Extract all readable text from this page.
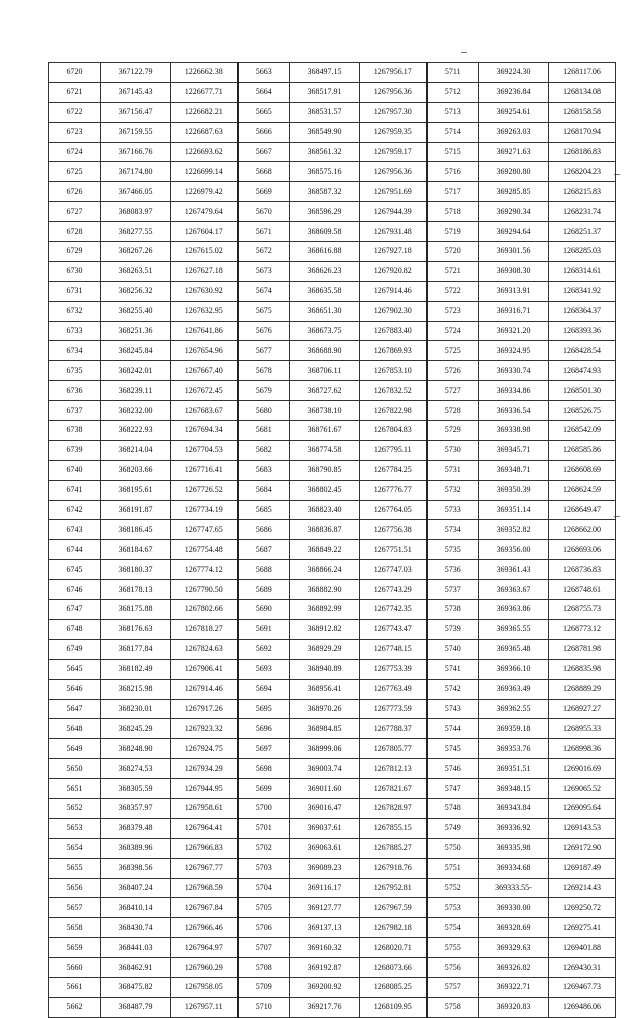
6720	367122.79	1226662.38	5663	368497.15	1267956.17	5711	369224.30	1268117.06
6721	367145.43	1226677.71	5664	368517.91	1267956.36	5712	369236.84	1268134.08
6722	367156.47	1226682.21	5665	368531.57	1267957.30	5713	369254.61	1268158.58
6723	367159.55	1226687.63	5666	368549.90	1267959.35	5714	369263.03	1268170.94
6724	367166.76	1226693.62	5667	368561.32	1267959.17	5715	369271.63	1268186.83
6725	367174.80	1226699.14	5668	368575.16	1267956.36	5716	369280.80	1268204.23
6726	367466.05	1226979.42	5669	368587.32	1267951.69	5717	369285.85	1268215.83
6727	368083.97	1267479.64	5670	368596.29	1267944.39	5718	369290.34	1268231.74
6728	368277.55	1267604.17	5671	368609.58	1267931.48	5719	369294.64	1268251.37
6729	368267.26	1267615.02	5672	368616.88	1267927.18	5720	369301.56	1268285.03
6730	368263.51	1267627.18	5673	368626.23	1267920.82	5721	369308.30	1268314.61
6731	368256.32	1267630.92	5674	368635.58	1267914.46	5722	369313.91	1268341.92
6732	368255.40	1267632.95	5675	368651.30	1267902.30	5723	369316.71	1268364.37
6733	368251.36	1267641.86	5676	368673.75	1267883.40	5724	369321.20	1268393.36
6734	368245.84	1267654.96	5677	368688.90	1267869.93	5725	369324.95	1268428.54
6735	368242.01	1267667.40	5678	368706.11	1267853.10	5726	369330.74	1268474.93
6736	368239.11	1267672.45	5679	368727.62	1267832.52	5727	369334.86	1268501.30
6737	368232.00	1267683.67	5680	368738.10	1267822.98	5728	369336.54	1268526.75
6738	368222.93	1267694.34	5681	368761.67	1267804.83	5729	369338.98	1268542.09
6739	368214.04	1267704.53	5682	368774.58	1267795.11	5730	369345.71	1268585.86
6740	368203.66	1267716.41	5683	368790.85	1267784.25	5731	369348.71	1268608.69
6741	368195.61	1267726.52	5684	368802.45	1267776.77	5732	369350.39	1268624.59
6742	368191.87	1267734.19	5685	368823.40	1267764.05	5733	369351.14	1268649.47
6743	368186.45	1267747.65	5686	368836.87	1267756.38	5734	369352.82	1268662.00
6744	368184.67	1267754.48	5687	368849.22	1267751.51	5735	369356.00	1268693.06
6745	368180.37	1267774.12	5688	368866.24	1267747.03	5736	369361.43	1268736.83
6746	368178.13	1267790.50	5689	368882.90	1267743.29	5737	369363.67	1268748.61
6747	368175.88	1267802.66	5690	368892.99	1267742.35	5738	369363.86	1268755.73
6748	368176.63	1267818.27	5691	368912.82	1267743.47	5739	369365.55	1268773.12
6749	368177.84	1267824.63	5692	368929.29	1267748.15	5740	369365.48	1268781.98
5645	368182.49	1267906.41	5693	368940.89	1267753.39	5741	369366.10	1268835.98
5646	368215.98	1267914.46	5694	368956.41	1267763.49	5742	369363.49	1268889.29
5647	368230.01	1267917.26	5695	368970.26	1267773.59	5743	369362.55	1268927.27
5648	368245.29	1267923.32	5696	368984.85	1267788.37	5744	369359.18	1268955.33
5649	368248.90	1267924.75	5697	368999.06	1267805.77	5745	369353.76	1268998.36
5650	368274.53	1267934.29	5698	369003.74	1267812.13	5746	369351.51	1269016.69
5651	368305.59	1267944.95	5699	369011.60	1267821.67	5747	369348.15	1269065.52
5652	368357.97	1267958.61	5700	369016.47	1267828.97	5748	369343.84	1269095.64
5653	368379.48	1267964.41	5701	369037.61	1267855.15	5749	369336.92	1269143.53
5654	368389.96	1267966.83	5702	369063.61	1267885.27	5750	369335.98	1269172.90
5655	368398.56	1267967.77	5703	369089.23	1267918.76	5751	369334.68	1269187.49
5656	368407.24	1267968.59	5704	369116.17	1267952.81	5752	369333.55-	1269214.43
5657	368410.14	1267967.84	5705	369127.77	1267967.59	5753	369330.00	1269250.72
5658	368430.74	1267966.46	5706	369137.13	1267982.18	5754	369328.69	1269275.41
5659	368441.03	1267964.97	5707	369160.32	1268020.71	5755	369329.63	1269401.88
5660	368462.91	1267960.29	5708	369192.87	1268073.66	5756	369326.82	1269430.31
5661	368475.82	1267958.05	5709	369200.92	1268085.25	5757	369322.71	1269467.73
5662	368487.79	1267957.11	5710	369217.76	1268109.95	5758	369320.83	1269486.06
